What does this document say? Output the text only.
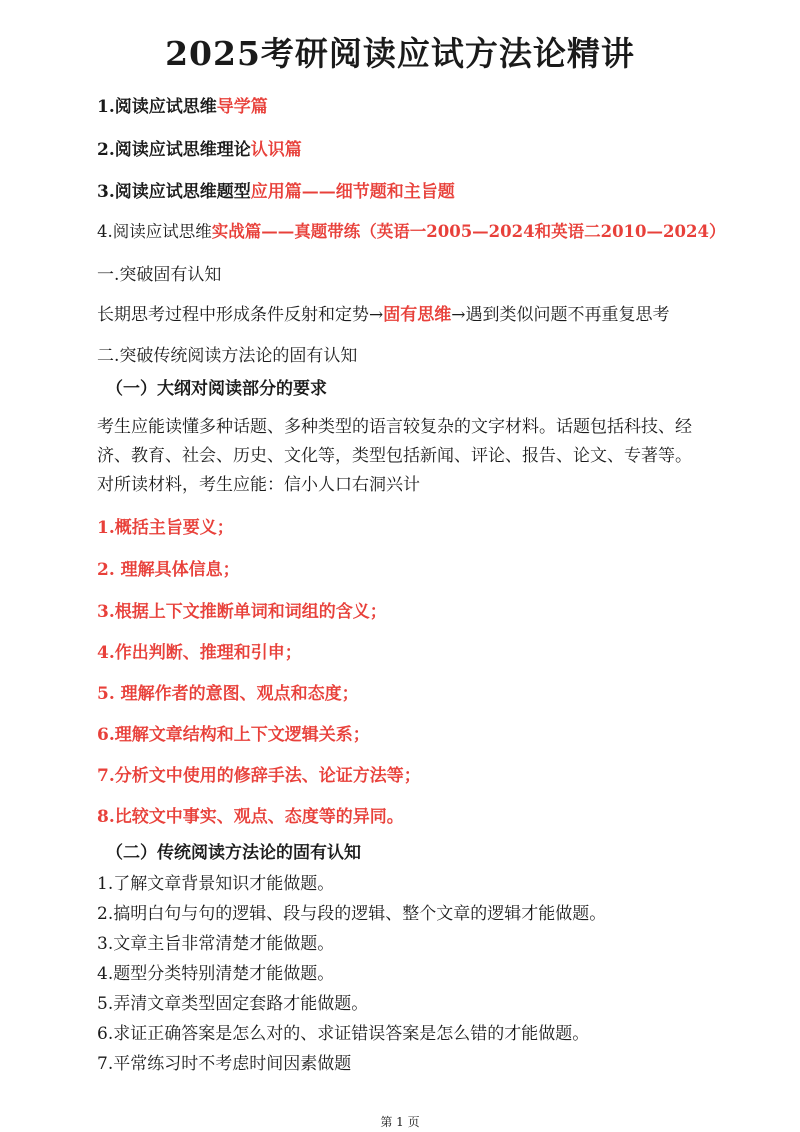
2025考研阅读应试方法论精讲
1.阅读应试思维导学篇
2.阅读应试思维理论认识篇
3.阅读应试思维题型应用篇——细节题和主旨题
4.阅读应试思维实战篇——真题带练（英语一2005—2024和英语二2010—2024）
一.突破固有认知
长期思考过程中形成条件反射和定势→固有思维→遇到类似问题不再重复思考
二.突破传统阅读方法论的固有认知
（一）大纲对阅读部分的要求
考生应能读懂多种话题、多种类型的语言较复杂的文字材料。话题包括科技、经
济、教育、社会、历史、文化等，类型包括新闻、评论、报告、论文、专著等。
对所读材料，考生应能：信小人口右洞兴计
1.概括主旨要义；
2. 理解具体信息；
3.根据上下文推断单词和词组的含义；
4.作出判断、推理和引申；
5. 理解作者的意图、观点和态度；
6.理解文章结构和上下文逻辑关系；
7.分析文中使用的修辞手法、论证方法等；
8.比较文中事实、观点、态度等的异同。
（二）传统阅读方法论的固有认知
1.了解文章背景知识才能做题。
2.搞明白句与句的逻辑、段与段的逻辑、整个文章的逻辑才能做题。
3.文章主旨非常清楚才能做题。
4.题型分类特别清楚才能做题。
5.弄清文章类型固定套路才能做题。
6.求证正确答案是怎么对的、求证错误答案是怎么错的才能做题。
7.平常练习时不考虑时间因素做题
第 1 页
